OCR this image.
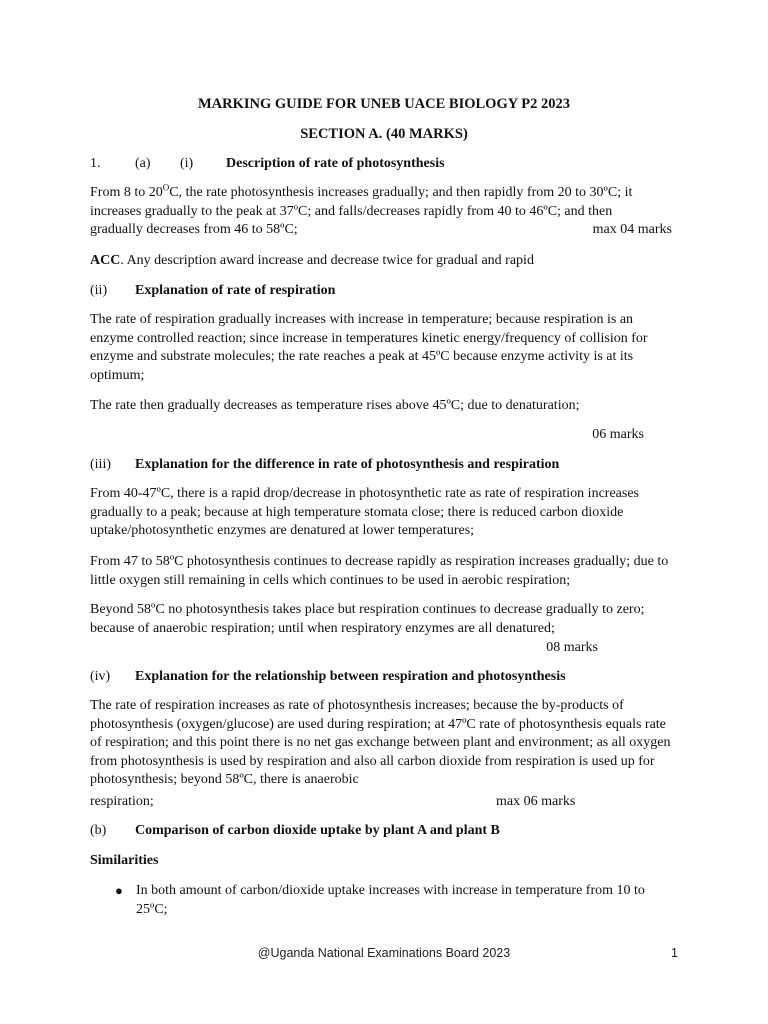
MARKING GUIDE FOR UNEB UACE BIOLOGY P2 2023
SECTION A. (40 MARKS)
1. (a) (i) Description of rate of photosynthesis
From 8 to $20^OC$, the rate photosynthesis increases gradually; and then rapidly from 20 to 30ºC; it
increases gradually to the peak at 37ºC; and falls/decreases rapidly from 40 to 46ºC; and then
gradually decreases from 46 to 58ºC;	max 04 marks
ACC. Any description award increase and decrease twice for gradual and rapid
(ii) Explanation of rate of respiration

The rate of respiration gradually increases with increase in temperature; because respiration is an enzyme controlled reaction; since increase in temperatures kinetic energy/frequency of collision for enzyme and substrate molecules; the rate reaches a peak at 45ºC because enzyme activity is at its optimum;

The rate then gradually decreases as temperature rises above 45ºC; due to denaturation;

06 marks
(iii) Explanation for the difference in rate of photosynthesis and respiration

From 40-47ºC, there is a rapid drop/decrease in photosynthetic rate as rate of respiration increases gradually to a peak; because at high temperature stomata close; there is reduced carbon dioxide uptake/photosynthetic enzymes are denatured at lower temperatures;

From 47 to 58ºC photosynthesis continues to decrease rapidly as respiration increases gradually; due to little oxygen still remaining in cells which continues to be used in aerobic respiration;

Beyond 58ºC no photosynthesis takes place but respiration continues to decrease gradually to zero; because of anaerobic respiration; until when respiratory enzymes are all denatured;

08 marks
(iv) Explanation for the relationship between respiration and photosynthesis

The rate of respiration increases as rate of photosynthesis increases; because the by-products of photosynthesis (oxygen/glucose) are used during respiration; at 47ºC rate of photosynthesis equals rate of respiration; and this point there is no net gas exchange between plant and environment; as all oxygen from photosynthesis is used by respiration and also all carbon dioxide from respiration is used up for photosynthesis; beyond 58ºC, there is anaerobic

respiration;	max 06 marks
(b) Comparison of carbon dioxide uptake by plant A and plant B
Similarities
● In both amount of carbon/dioxide uptake increases with increase in temperature from 10 to 25ºC;

@Uganda National Examinations Board 2023	1
